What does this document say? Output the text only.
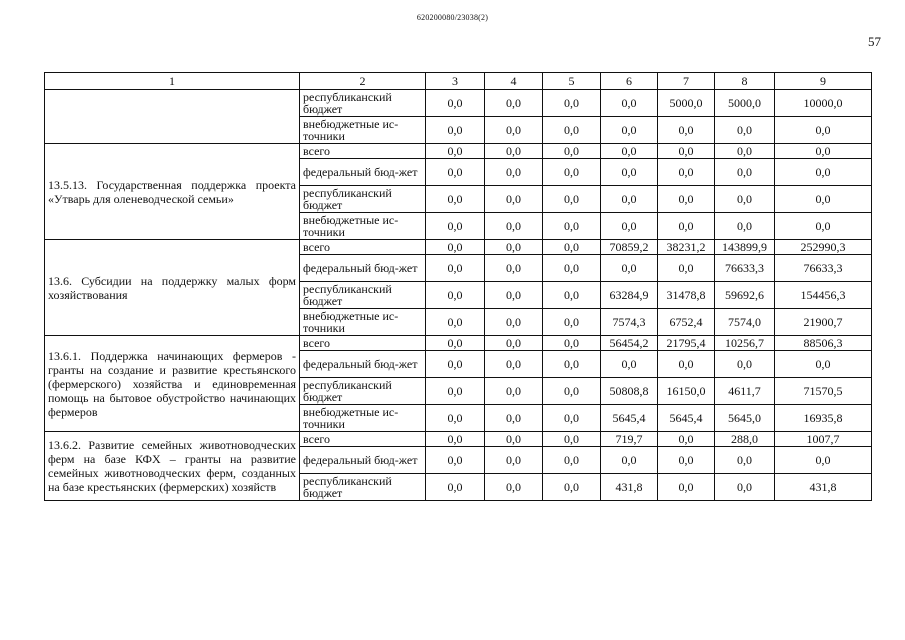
620200080/23038(2)
57
1	2	3	4	5	6	7	8	9
	республиканский бюджет	0,0	0,0	0,0	0,0	5000,0	5000,0	10000,0
	внебюджетные ис-точники	0,0	0,0	0,0	0,0	0,0	0,0	0,0
13.5.13. Государственная поддержка проекта «Утварь для оленеводческой семьи»	всего	0,0	0,0	0,0	0,0	0,0	0,0	0,0
	федеральный бюд-жет	0,0	0,0	0,0	0,0	0,0	0,0	0,0
	республиканский бюджет	0,0	0,0	0,0	0,0	0,0	0,0	0,0
	внебюджетные ис-точники	0,0	0,0	0,0	0,0	0,0	0,0	0,0
13.6. Субсидии на поддержку малых форм хозяйствования	всего	0,0	0,0	0,0	70859,2	38231,2	143899,9	252990,3
	федеральный бюд-жет	0,0	0,0	0,0	0,0	0,0	76633,3	76633,3
	республиканский бюджет	0,0	0,0	0,0	63284,9	31478,8	59692,6	154456,3
	внебюджетные ис-точники	0,0	0,0	0,0	7574,3	6752,4	7574,0	21900,7
13.6.1. Поддержка начинающих фермеров - гранты на создание и развитие крестьянского (фермерского) хозяйства и единовременная помощь на бытовое обустройство начинающих фермеров	всего	0,0	0,0	0,0	56454,2	21795,4	10256,7	88506,3
	федеральный бюд-жет	0,0	0,0	0,0	0,0	0,0	0,0	0,0
	республиканский бюджет	0,0	0,0	0,0	50808,8	16150,0	4611,7	71570,5
	внебюджетные ис-точники	0,0	0,0	0,0	5645,4	5645,4	5645,0	16935,8
13.6.2. Развитие семейных животноводческих ферм на базе КФХ – гранты на развитие семейных животноводческих ферм, созданных на базе крестьянских (фермерских) хозяйств	всего	0,0	0,0	0,0	719,7	0,0	288,0	1007,7
	федеральный бюд-жет	0,0	0,0	0,0	0,0	0,0	0,0	0,0
	республиканский бюджет	0,0	0,0	0,0	431,8	0,0	0,0	431,8
